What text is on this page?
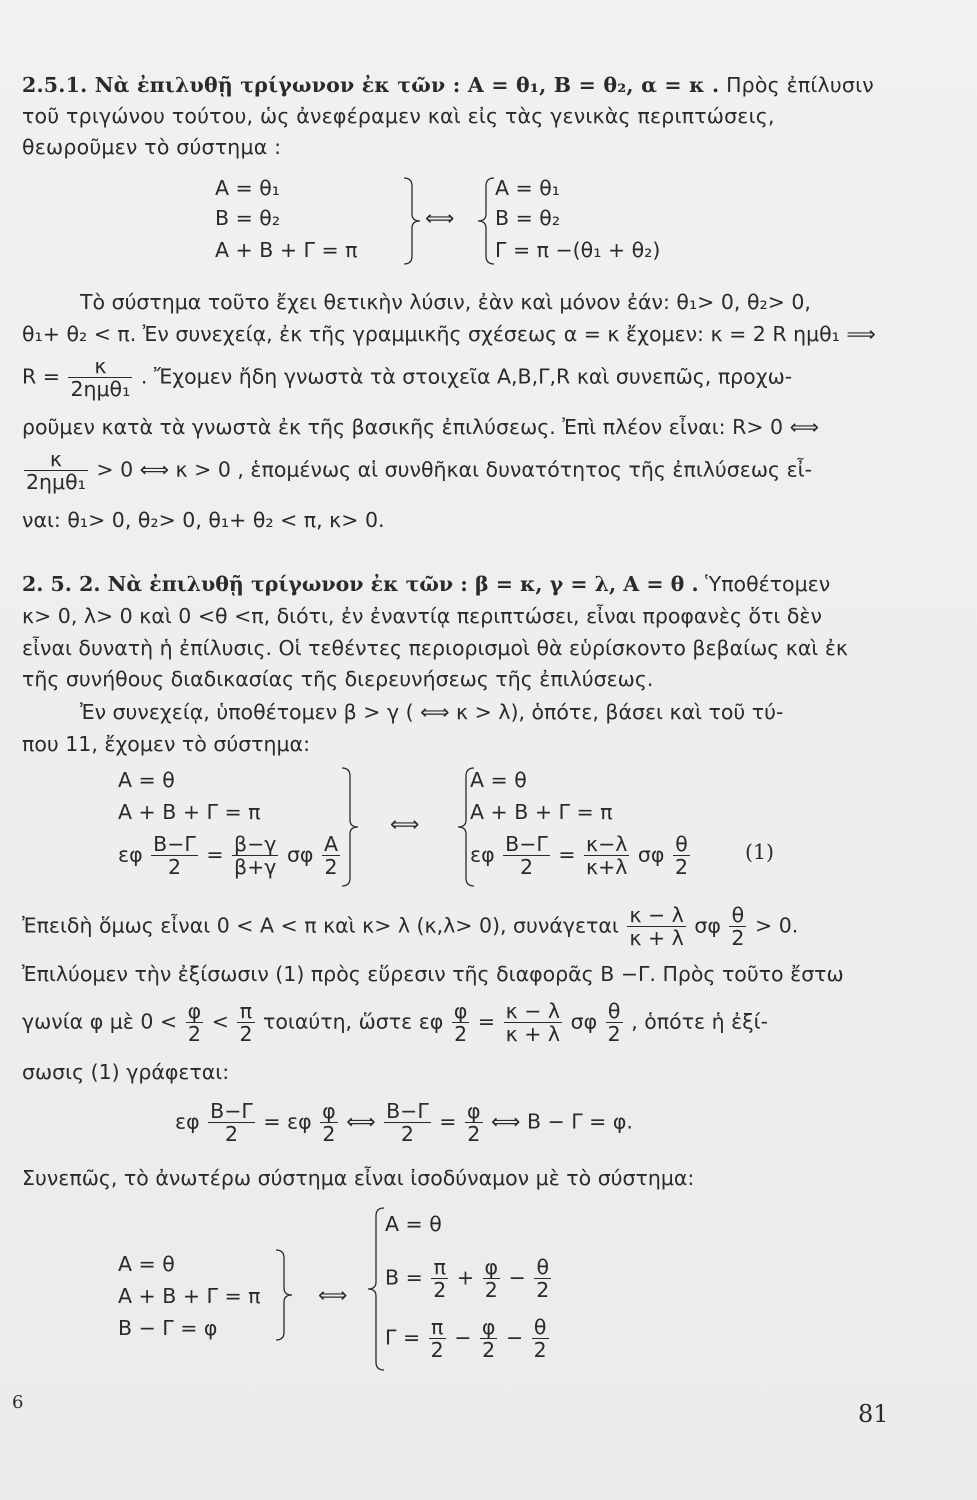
2.5.1. Νὰ ἐπιλυθῇ τρίγωνον ἐκ τῶν : Α = θ₁, Β = θ₂, α = κ . Πρὸς ἐπίλυσιν τοῦ τριγώνου τούτου, ὡς ἀνεφέραμεν καὶ εἰς τὰς γενικὰς περιπτώσεις, θεωροῦμεν τὸ σύστημα :

Α = θ₁
Β = θ₂
Α + Β + Γ = π
⟺
Α = θ₁
Β = θ₂
Γ = π −(θ₁ + θ₂)
Τὸ σύστημα τοῦτο ἔχει θετικὴν λύσιν, ἐὰν καὶ μόνον ἐάν: θ₁> 0, θ₂> 0,
θ₁+ θ₂ < π. Ἐν συνεχείᾳ, ἐκ τῆς γραμμικῆς σχέσεως α = κ ἔχομεν: κ = 2 R ημθ₁ ⟹
$R = \frac{\kappa}{\text{2ημθ₁}}$ . Ἔχομεν ἤδη γνωστὰ τὰ στοιχεῖα Α,Β,Γ,R καὶ συνεπῶς, προχω-
ροῦμεν κατὰ τὰ γνωστὰ ἐκ τῆς βασικῆς ἐπιλύσεως. Ἐπὶ πλέον εἶναι: R> 0 ⟺
$\frac{\kappa}{\text{2ημθ₁}} > 0$ ⟺ κ > 0 , ἑπομένως αἱ συνθῆκαι δυνατότητος τῆς ἐπιλύσεως εἶ-
ναι: θ₁> 0, θ₂> 0, θ₁+ θ₂ < π, κ> 0.
2. 5. 2. Νὰ ἐπιλυθῇ τρίγωνον ἐκ τῶν : β = κ, γ = λ, Α = θ . Ὑποθέτομεν
κ> 0, λ> 0 καὶ 0 <θ <π, διότι, ἐν ἐναντίᾳ περιπτώσει, εἶναι προφανὲς ὅτι δὲν
εἶναι δυνατὴ ἡ ἐπίλυσις. Οἱ τεθέντες περιορισμοὶ θὰ εὑρίσκοντο βεβαίως καὶ ἐκ
τῆς συνήθους διαδικασίας τῆς διερευνήσεως τῆς ἐπιλύσεως.
Ἐν συνεχείᾳ, ὑποθέτομεν β > γ ( ⟺ κ > λ), ὁπότε, βάσει καὶ τοῦ τύ-
που 11, ἔχομεν τὸ σύστημα:
Α = θ
Α + Β + Γ = π
εφ $\frac{B-\Gamma}{2} = \frac{\beta-\gamma}{\beta+\gamma}$ σφ $\frac{A}{2}$
⟺
Α = θ
Α + Β + Γ = π
εφ $\frac{B-\Gamma}{2} = \frac{\kappa-\lambda}{\kappa+\lambda}$ σφ $\frac{\theta}{2}$	(1)
Ἐπειδὴ ὅμως εἶναι 0 < Α < π καὶ κ> λ (κ,λ> 0), συνάγεται $\frac{\kappa - \lambda}{\kappa + \lambda}$ σφ $\frac{\theta}{2} > 0$.
Ἐπιλύομεν τὴν ἐξίσωσιν (1) πρὸς εὕρεσιν τῆς διαφορᾶς Β −Γ. Πρὸς τοῦτο ἔστω
γωνία φ μὲ $0 < \frac{\varphi}{2} < \frac{\pi}{2} \tau o\iota\alpha ύ\tau\eta$, ὥστε εφ $\frac{\varphi}{2} = \frac{\kappa - \lambda}{\kappa + \lambda}$ σφ $\frac{\theta}{2}$ , ὁπότε ἡ ἐξί-
σωσις (1) γράφεται:
εφ $\frac{B-\Gamma}{2} = \varepsilon\varphi \frac{\varphi}{2}$ ⟺ $\frac{B-\Gamma}{2} = \frac{\varphi}{2}$ ⟺ Β − Γ = φ.
Συνεπῶς, τὸ ἀνωτέρω σύστημα εἶναι ἰσοδύναμον μὲ τὸ σύστημα:
Α = θ
Α + Β + Γ = π
Β − Γ = φ
⟺
Α = θ
$B = \frac{\pi}{2} + \frac{\varphi}{2} - \frac{\theta}{2}$
$\Gamma = \frac{\pi}{2} - \frac{\varphi}{2} - \frac{\theta}{2}$
6	81
